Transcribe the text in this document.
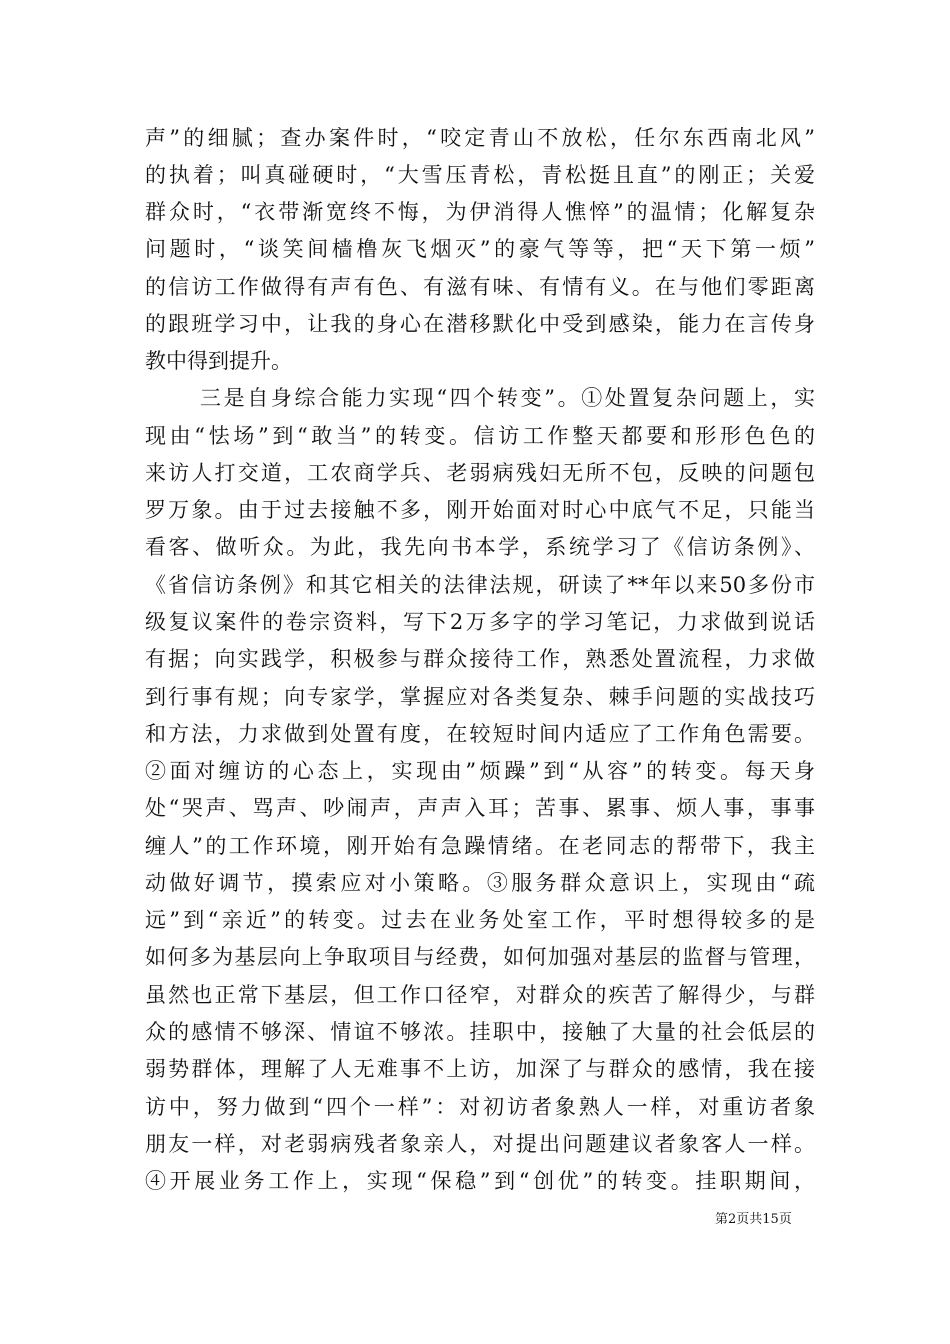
声”的细腻；查办案件时，“咬定青山不放松，任尔东西南北风”
的执着；叫真碰硬时，“大雪压青松，青松挺且直”的刚正；关爱
群众时，“衣带渐宽终不悔，为伊消得人憔悴”的温情；化解复杂
问题时，“谈笑间樯橹灰飞烟灭”的豪气等等，把“天下第一烦”
的信访工作做得有声有色、有滋有味、有情有义。在与他们零距离
的跟班学习中，让我的身心在潜移默化中受到感染，能力在言传身
教中得到提升。
三是自身综合能力实现“四个转变”。①处置复杂问题上，实
现由“怯场”到“敢当”的转变。信访工作整天都要和形形色色的
来访人打交道，工农商学兵、老弱病残妇无所不包，反映的问题包
罗万象。由于过去接触不多，刚开始面对时心中底气不足，只能当
看客、做听众。为此，我先向书本学，系统学习了《信访条例》、
《省信访条例》和其它相关的法律法规，研读了**年以来50多份市
级复议案件的卷宗资料，写下2万多字的学习笔记，力求做到说话
有据；向实践学，积极参与群众接待工作，熟悉处置流程，力求做
到行事有规；向专家学，掌握应对各类复杂、棘手问题的实战技巧
和方法，力求做到处置有度，在较短时间内适应了工作角色需要。
②面对缠访的心态上，实现由”烦躁”到“从容”的转变。每天身
处“哭声、骂声、吵闹声，声声入耳；苦事、累事、烦人事，事事
缠人”的工作环境，刚开始有急躁情绪。在老同志的帮带下，我主
动做好调节，摸索应对小策略。③服务群众意识上，实现由“疏
远”到“亲近”的转变。过去在业务处室工作，平时想得较多的是
如何多为基层向上争取项目与经费，如何加强对基层的监督与管理，
虽然也正常下基层，但工作口径窄，对群众的疾苦了解得少，与群
众的感情不够深、情谊不够浓。挂职中，接触了大量的社会低层的
弱势群体，理解了人无难事不上访，加深了与群众的感情，我在接
访中，努力做到“四个一样”：对初访者象熟人一样，对重访者象
朋友一样，对老弱病残者象亲人，对提出问题建议者象客人一样。
④开展业务工作上，实现“保稳”到“创优”的转变。挂职期间，
第2页共15页
